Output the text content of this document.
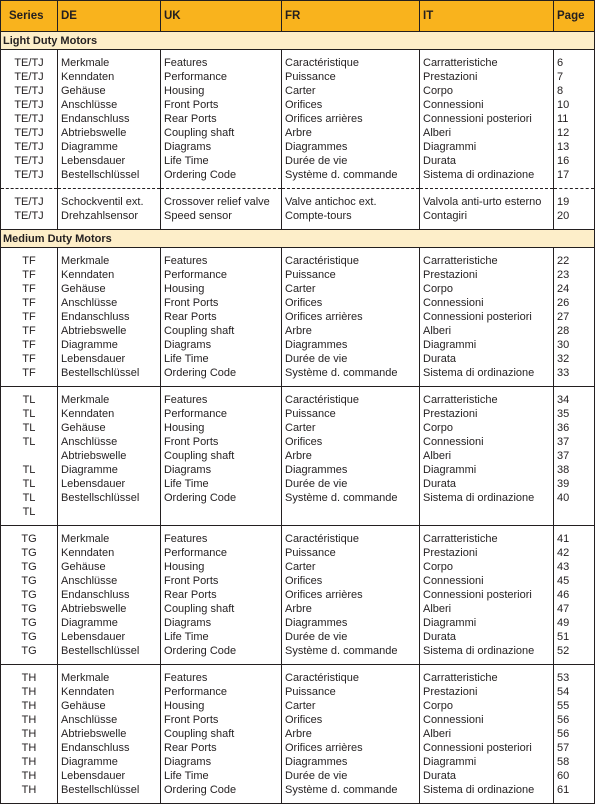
Series	DE	UK	FR	IT	Page
Light Duty Motors					

TE/TJ	Merkmale	Features	Caractéristique	Carratteristiche	6
TE/TJ	Kenndaten	Performance	Puissance	Prestazioni	7
TE/TJ	Gehäuse	Housing	Carter	Corpo	8
TE/TJ	Anschlüsse	Front Ports	Orifices	Connessioni	10
TE/TJ	Endanschluss	Rear Ports	Orifices arrières	Connessioni posteriori	11
TE/TJ	Abtriebswelle	Coupling shaft	Arbre	Alberi	12
TE/TJ	Diagramme	Diagrams	Diagrammes	Diagrammi	13
TE/TJ	Lebensdauer	Life Time	Durée de vie	Durata	16
TE/TJ	Bestellschlüssel	Ordering Code	Système d. commande	Sistema di ordinazione	17

TE/TJ	Schockventil ext.	Crossover relief valve	Valve antichoc ext.	Valvola anti-urto esterno	19
TE/TJ	Drehzahlsensor	Speed sensor	Compte-tours	Contagiri	20

Medium Duty Motors					

TF	Merkmale	Features	Caractéristique	Carratteristiche	22
TF	Kenndaten	Performance	Puissance	Prestazioni	23
TF	Gehäuse	Housing	Carter	Corpo	24
TF	Anschlüsse	Front Ports	Orifices	Connessioni	26
TF	Endanschluss	Rear Ports	Orifices arrières	Connessioni posteriori	27
TF	Abtriebswelle	Coupling shaft	Arbre	Alberi	28
TF	Diagramme	Diagrams	Diagrammes	Diagrammi	30
TF	Lebensdauer	Life Time	Durée de vie	Durata	32
TF	Bestellschlüssel	Ordering Code	Système d. commande	Sistema di ordinazione	33

TL	Merkmale	Features	Caractéristique	Carratteristiche	34
TL	Kenndaten	Performance	Puissance	Prestazioni	35
TL	Gehäuse	Housing	Carter	Corpo	36
TL	Anschlüsse	Front Ports	Orifices	Connessioni	37
	Abtriebswelle	Coupling shaft	Arbre	Alberi	37
TL	Diagramme	Diagrams	Diagrammes	Diagrammi	38
TL	Lebensdauer	Life Time	Durée de vie	Durata	39
TL	Bestellschlüssel	Ordering Code	Système d. commande	Sistema di ordinazione	40
TL					

TG	Merkmale	Features	Caractéristique	Carratteristiche	41
TG	Kenndaten	Performance	Puissance	Prestazioni	42
TG	Gehäuse	Housing	Carter	Corpo	43
TG	Anschlüsse	Front Ports	Orifices	Connessioni	45
TG	Endanschluss	Rear Ports	Orifices arrières	Connessioni posteriori	46
TG	Abtriebswelle	Coupling shaft	Arbre	Alberi	47
TG	Diagramme	Diagrams	Diagrammes	Diagrammi	49
TG	Lebensdauer	Life Time	Durée de vie	Durata	51
TG	Bestellschlüssel	Ordering Code	Système d. commande	Sistema di ordinazione	52

TH	Merkmale	Features	Caractéristique	Carratteristiche	53
TH	Kenndaten	Performance	Puissance	Prestazioni	54
TH	Gehäuse	Housing	Carter	Corpo	55
TH	Anschlüsse	Front Ports	Orifices	Connessioni	56
TH	Abtriebswelle	Coupling shaft	Arbre	Alberi	56
TH	Endanschluss	Rear Ports	Orifices arrières	Connessioni posteriori	57
TH	Diagramme	Diagrams	Diagrammes	Diagrammi	58
TH	Lebensdauer	Life Time	Durée de vie	Durata	60
TH	Bestellschlüssel	Ordering Code	Système d. commande	Sistema di ordinazione	61
